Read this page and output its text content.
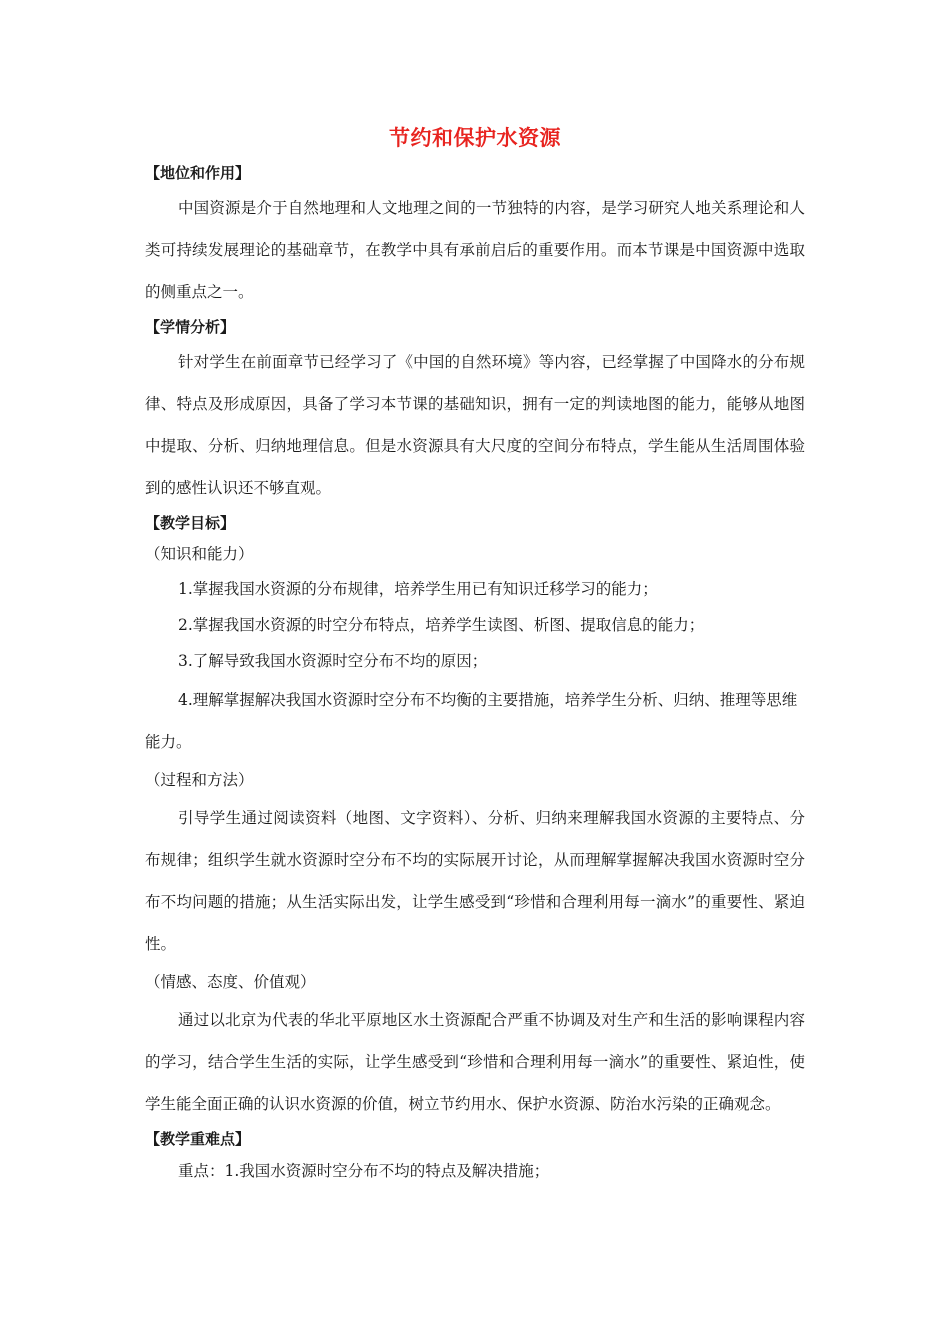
节约和保护水资源
【地位和作用】
中国资源是介于自然地理和人文地理之间的一节独特的内容，是学习研究人地关系理论和人类可持续发展理论的基础章节，在教学中具有承前启后的重要作用。而本节课是中国资源中选取的侧重点之一。
【学情分析】
针对学生在前面章节已经学习了《中国的自然环境》等内容，已经掌握了中国降水的分布规律、特点及形成原因，具备了学习本节课的基础知识，拥有一定的判读地图的能力，能够从地图中提取、分析、归纳地理信息。但是水资源具有大尺度的空间分布特点，学生能从生活周围体验到的感性认识还不够直观。
【教学目标】
（知识和能力）
1.掌握我国水资源的分布规律，培养学生用已有知识迁移学习的能力；
2.掌握我国水资源的时空分布特点，培养学生读图、析图、提取信息的能力；
3.了解导致我国水资源时空分布不均的原因；
4.理解掌握解决我国水资源时空分布不均衡的主要措施，培养学生分析、归纳、推理等思维能力。
（过程和方法）
引导学生通过阅读资料（地图、文字资料）、分析、归纳来理解我国水资源的主要特点、分布规律；组织学生就水资源时空分布不均的实际展开讨论，从而理解掌握解决我国水资源时空分布不均问题的措施；从生活实际出发，让学生感受到“珍惜和合理利用每一滴水”的重要性、紧迫性。
（情感、态度、价值观）
通过以北京为代表的华北平原地区水土资源配合严重不协调及对生产和生活的影响课程内容的学习，结合学生生活的实际，让学生感受到“珍惜和合理利用每一滴水”的重要性、紧迫性，使学生能全面正确的认识水资源的价值，树立节约用水、保护水资源、防治水污染的正确观念。
【教学重难点】
重点：1.我国水资源时空分布不均的特点及解决措施；
